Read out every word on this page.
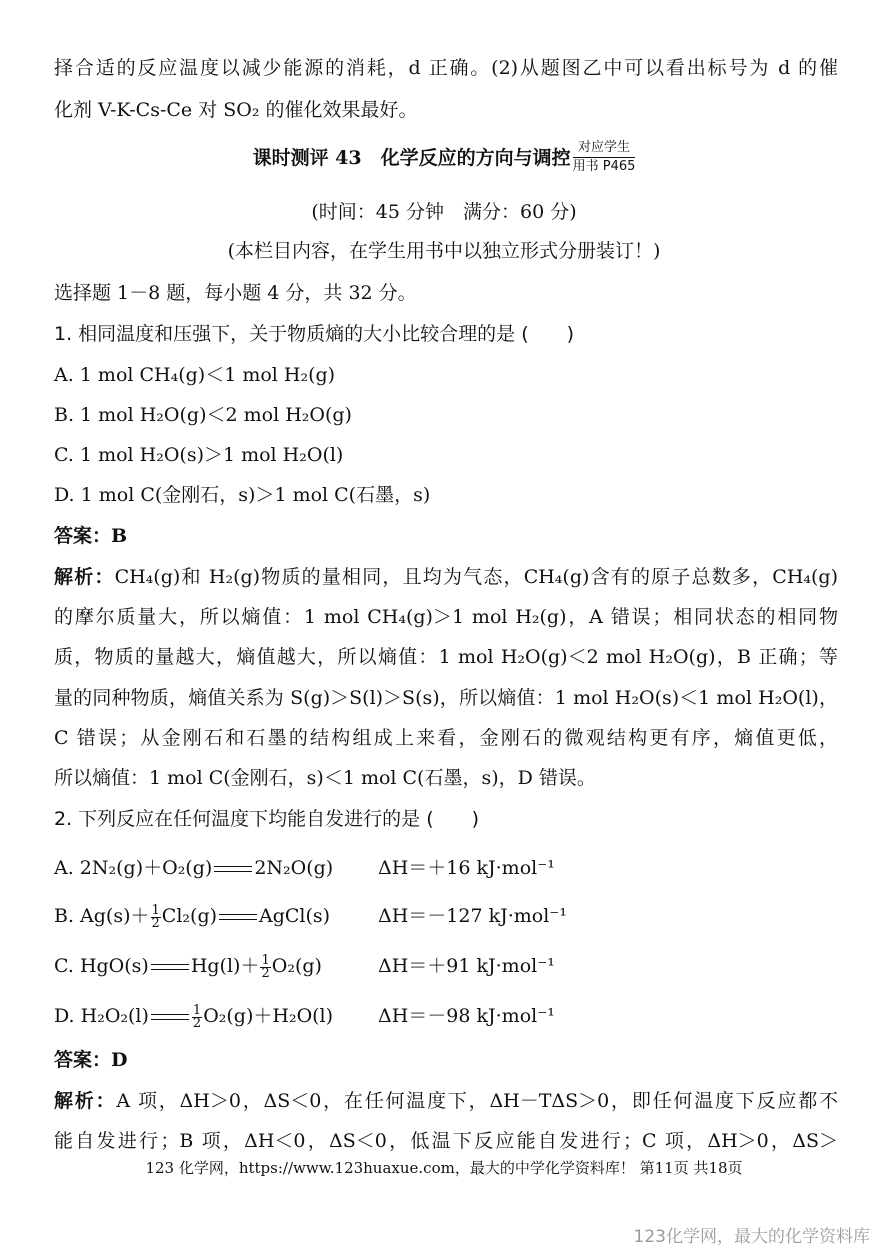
择合适的反应温度以减少能源的消耗，d 正确。(2)从题图乙中可以看出标号为 d 的催
化剂 V-K-Cs-Ce 对 SO₂ 的催化效果最好。
课时测评 43　化学反应的方向与调控 对应学生
用书 P465
(时间：45 分钟　满分：60 分)
(本栏目内容，在学生用书中以独立形式分册装订！)
选择题 1－8 题，每小题 4 分，共 32 分。
1. 相同温度和压强下，关于物质熵的大小比较合理的是 (　　)
A. 1 mol CH₄(g)＜1 mol H₂(g)
B. 1 mol H₂O(g)＜2 mol H₂O(g)
C. 1 mol H₂O(s)＞1 mol H₂O(l)
D. 1 mol C(金刚石，s)＞1 mol C(石墨，s)
答案：B
解析：CH₄(g)和 H₂(g)物质的量相同，且均为气态，CH₄(g)含有的原子总数多，CH₄(g)
的摩尔质量大，所以熵值：1 mol CH₄(g)＞1 mol H₂(g)，A 错误；相同状态的相同物
质，物质的量越大，熵值越大，所以熵值：1 mol H₂O(g)＜2 mol H₂O(g)，B 正确；等
量的同种物质，熵值关系为 S(g)＞S(l)＞S(s)，所以熵值：1 mol H₂O(s)＜1 mol H₂O(l)，
C 错误；从金刚石和石墨的结构组成上来看，金刚石的微观结构更有序，熵值更低，
所以熵值：1 mol C(金刚石，s)＜1 mol C(石墨，s)，D 错误。
2. 下列反应在任何温度下均能自发进行的是 (　　)
A. 2N₂(g)＋O₂(g) 2N₂O(g) ΔH＝＋16 kJ·mol⁻¹
B. $Ag(s)+ \frac{1}{2} Cl_2(g)$ AgCl(s)	ΔH＝－127 kJ·mol⁻¹
C. HgO(s) $Hg(l)+ \frac{1}{2} O_2(g)$	ΔH＝＋91 kJ·mol⁻¹
D. H₂O₂(l)	$\frac{1}{2} O_2(g)+H_2O(l)$ ΔH＝－98 kJ·mol⁻¹
答案：D
解析：A 项，ΔH＞0，ΔS＜0，在任何温度下，ΔH－TΔS＞0，即任何温度下反应都不
能自发进行；B 项，ΔH＜0，ΔS＜0，低温下反应能自发进行；C 项，ΔH＞0，ΔS＞
123 化学网，https://www.123huaxue.com，最大的中学化学资料库！ 第11页 共18页
123化学网，最大的化学资料库
